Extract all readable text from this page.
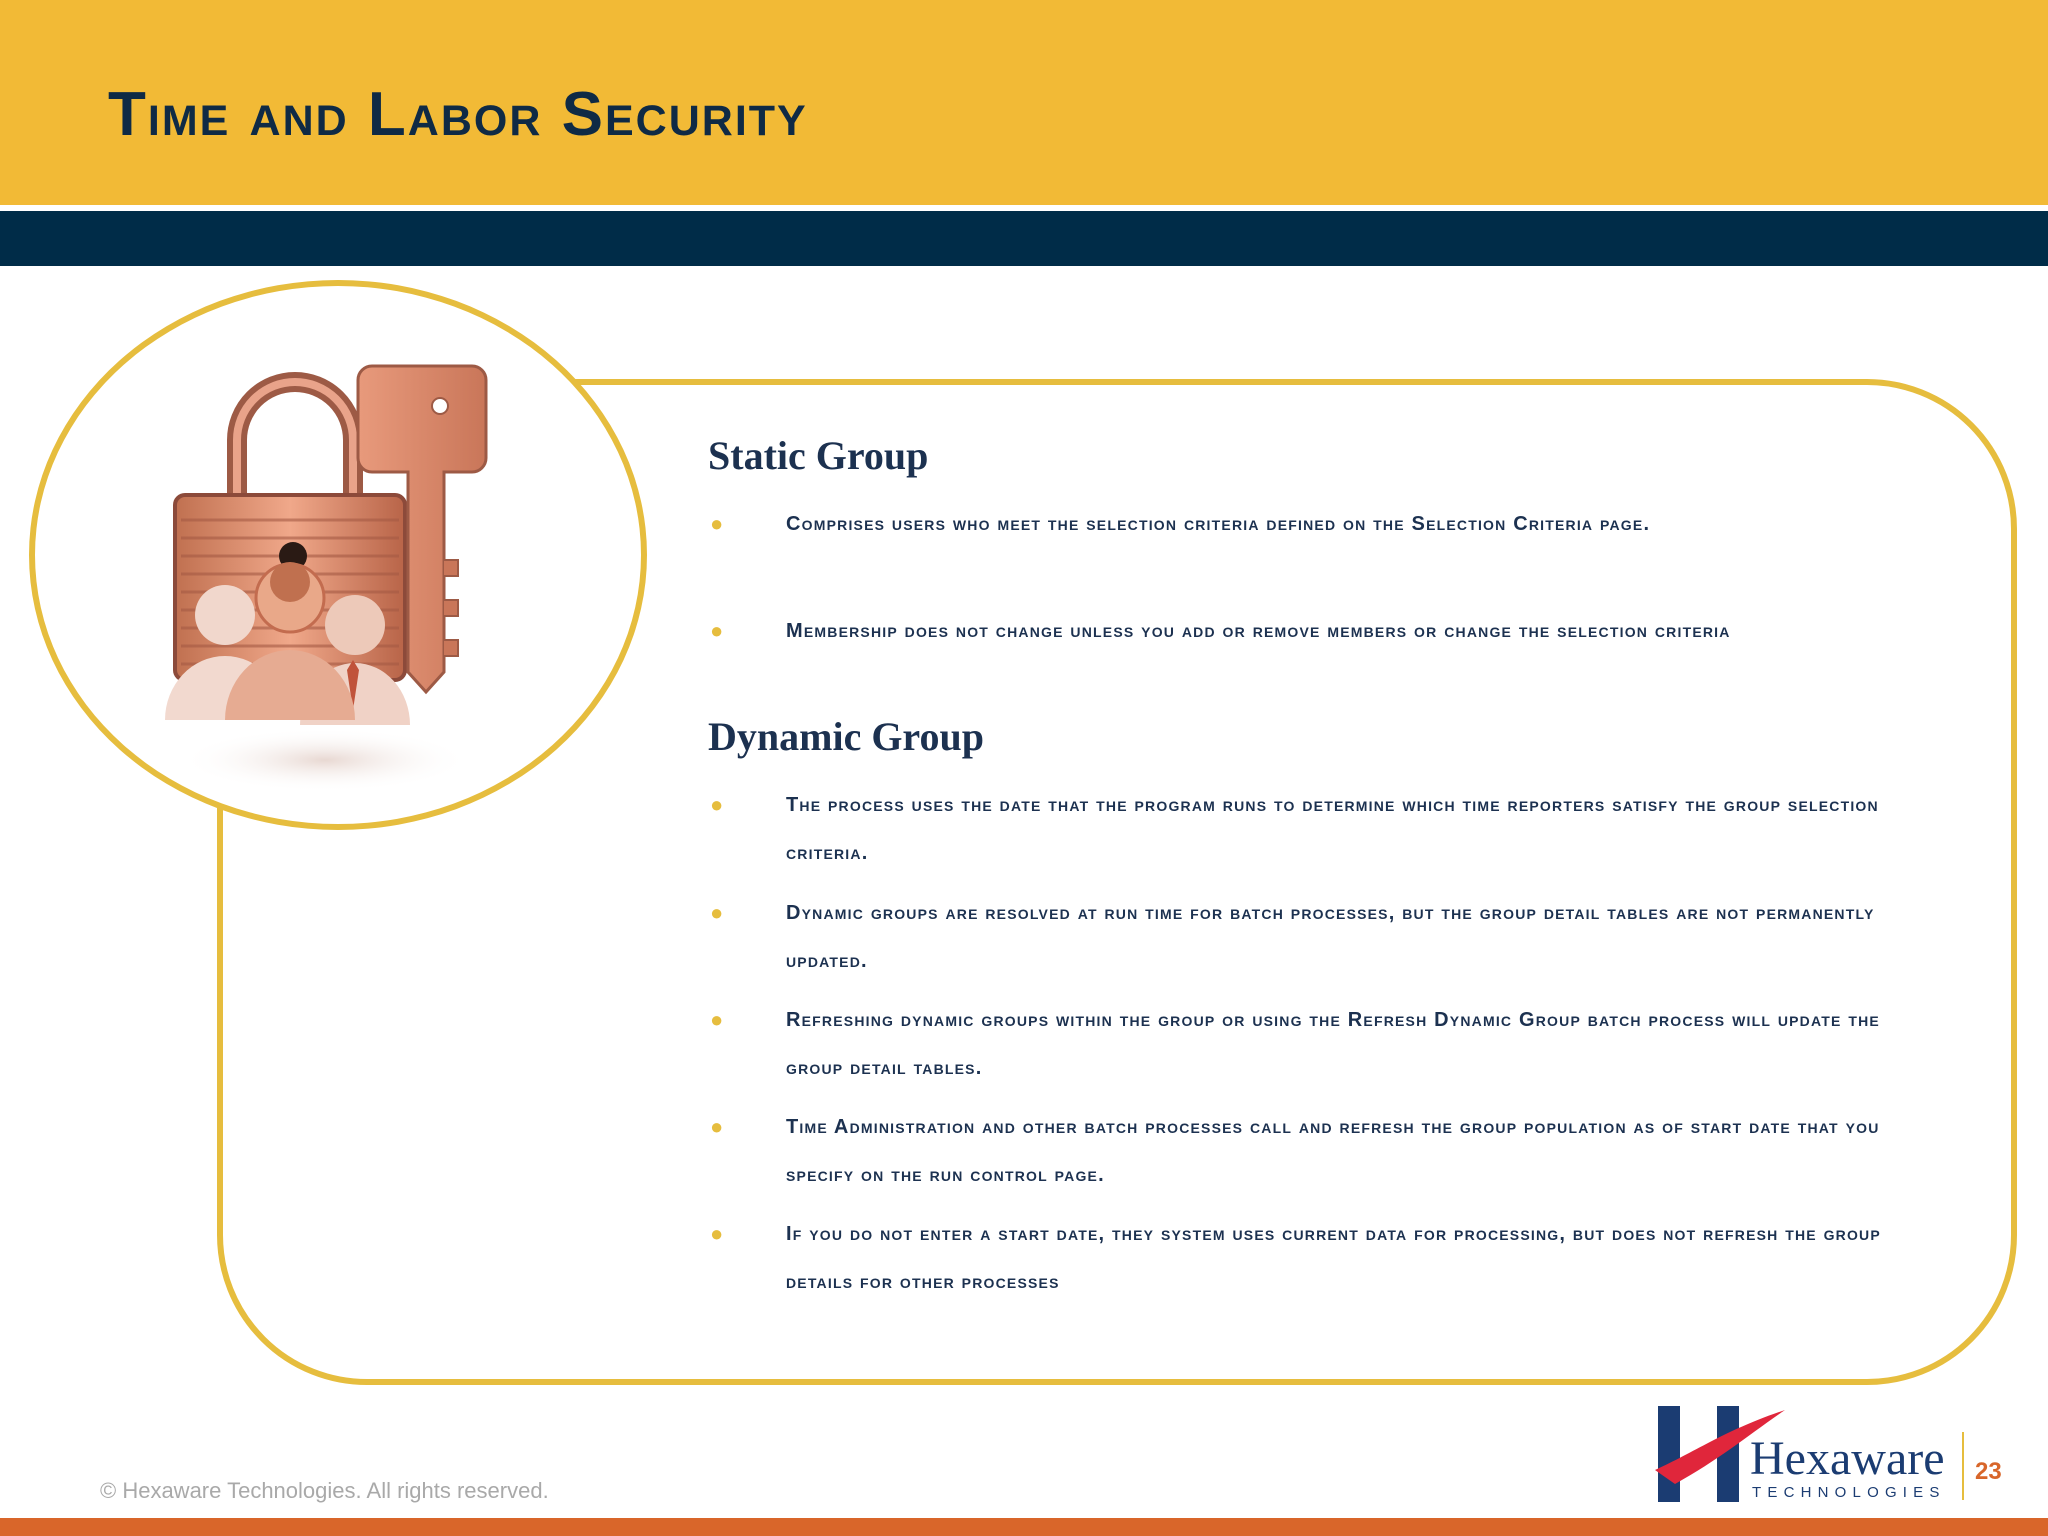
Time and Labor Security
Static Group
●	Comprises users who meet the selection criteria defined on the Selection Criteria page.

●	Membership does not change unless you add or remove members or change the selection criteria

Dynamic Group
●	The process uses the date that the program runs to determine which time reporters satisfy the group selection criteria.

●	Dynamic groups are resolved at run time for batch processes, but the group detail tables are not permanently updated.

●	Refreshing dynamic groups within the group or using the Refresh Dynamic Group batch process will update the group detail tables.

●	Time Administration and other batch processes call and refresh the group population as of start date that you specify on the run control page.

●	If you do not enter a start date, they system uses current data for processing, but does not refresh the group details for other processes

© Hexaware Technologies. All rights reserved.
Hexaware
TECHNOLOGIES
23
